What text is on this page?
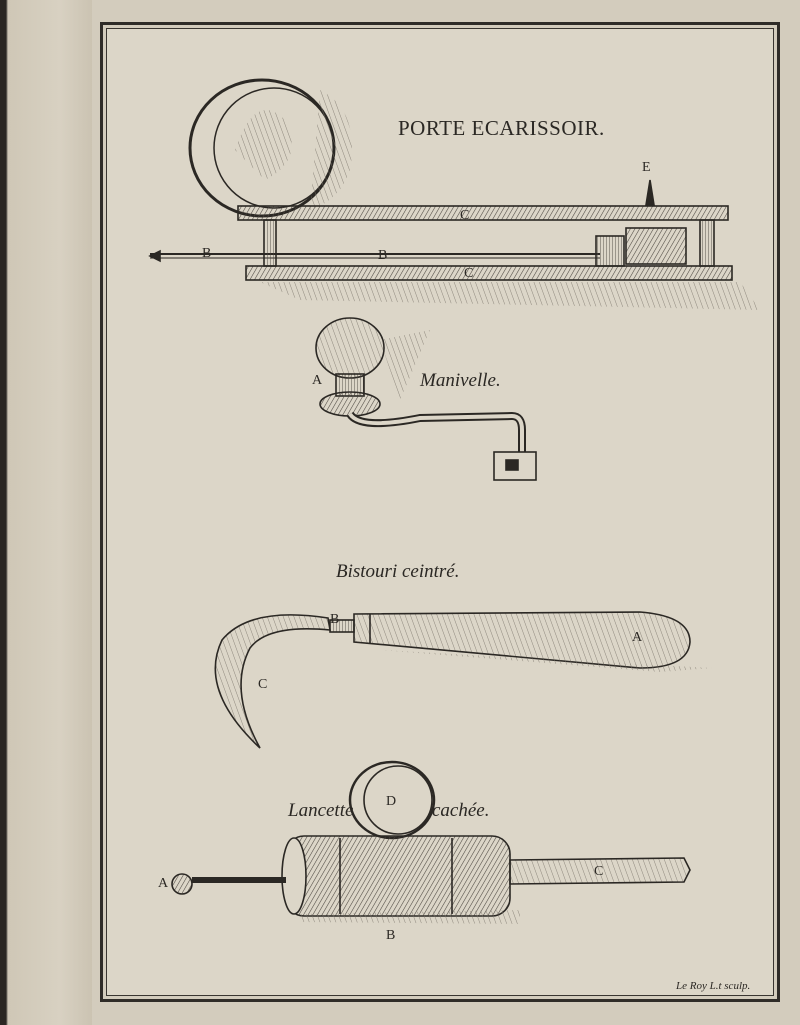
PORTE ECARISSOIR.
E
B	B
C
C
Manivelle.
A
Bistouri ceintré.
B
A
C
Lancette	cachée.
D
A
C
B
Le Roy L.t sculp.
